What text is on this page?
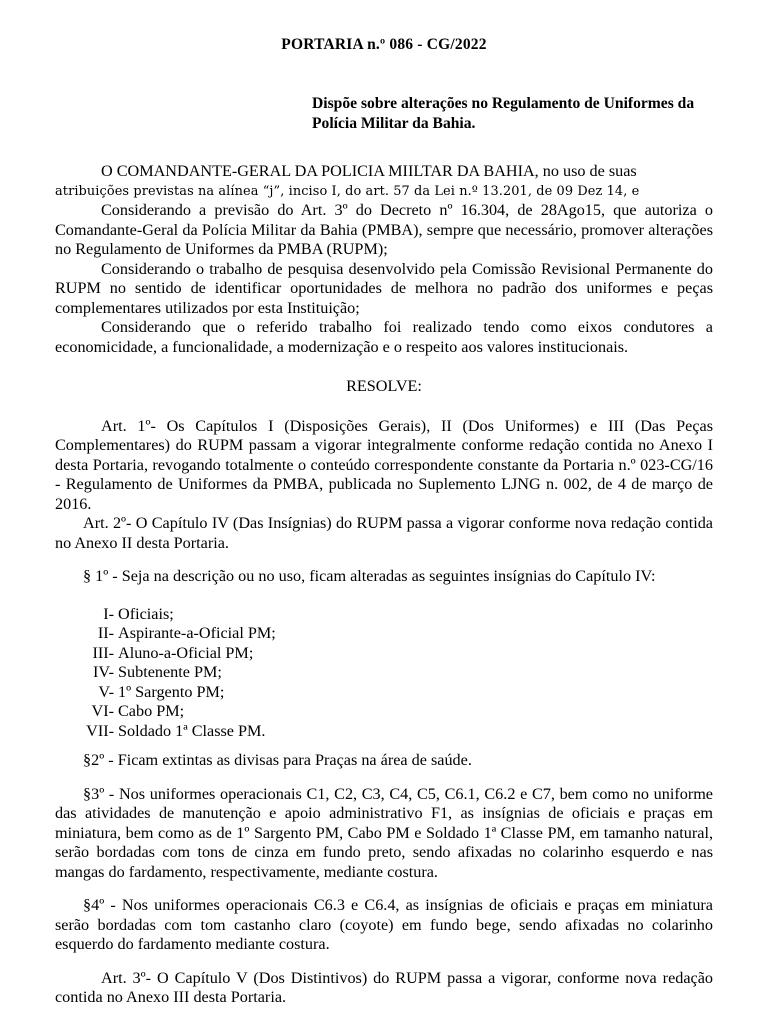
PORTARIA n.º 086 - CG/2022
Dispõe sobre alterações no Regulamento de Uniformes da Polícia Militar da Bahia.

O COMANDANTE-GERAL DA POLICIA MIILTAR DA BAHIA, no uso de suas

atribuições previstas na alínea “j”, inciso I, do art. 57 da Lei n.º 13.201, de 09 Dez 14, e

Considerando a previsão do Art. 3º do Decreto nº 16.304, de 28Ago15, que autoriza o Comandante-Geral da Polícia Militar da Bahia (PMBA), sempre que necessário, promover alterações no Regulamento de Uniformes da PMBA (RUPM);

Considerando o trabalho de pesquisa desenvolvido pela Comissão Revisional Permanente do RUPM no sentido de identificar oportunidades de melhora no padrão dos uniformes e peças complementares utilizados por esta Instituição;

Considerando que o referido trabalho foi realizado tendo como eixos condutores a economicidade, a funcionalidade, a modernização e o respeito aos valores institucionais.

RESOLVE:

Art. 1º- Os Capítulos I (Disposições Gerais), II (Dos Uniformes) e III (Das Peças Complementares) do RUPM passam a vigorar integralmente conforme redação contida no Anexo I desta Portaria, revogando totalmente o conteúdo correspondente constante da Portaria n.º 023-CG/16 - Regulamento de Uniformes da PMBA, publicada no Suplemento LJNG n. 002, de 4 de março de 2016.

Art. 2º- O Capítulo IV (Das Insígnias) do RUPM passa a vigorar conforme nova redação contida no Anexo II desta Portaria.

§ 1º - Seja na descrição ou no uso, ficam alteradas as seguintes insígnias do Capítulo IV:

I- Oficiais;
II- Aspirante-a-Oficial PM;
III- Aluno-a-Oficial PM;
IV- Subtenente PM;
V- 1º Sargento PM;
VI- Cabo PM;
VII- Soldado 1ª Classe PM.

§2º - Ficam extintas as divisas para Praças na área de saúde.

§3º - Nos uniformes operacionais C1, C2, C3, C4, C5, C6.1, C6.2 e C7, bem como no uniforme das atividades de manutenção e apoio administrativo F1, as insígnias de oficiais e praças em miniatura, bem como as de 1º Sargento PM, Cabo PM e Soldado 1ª Classe PM, em tamanho natural, serão bordadas com tons de cinza em fundo preto, sendo afixadas no colarinho esquerdo e nas mangas do fardamento, respectivamente, mediante costura.

§4º - Nos uniformes operacionais C6.3 e C6.4, as insígnias de oficiais e praças em miniatura serão bordadas com tom castanho claro (coyote) em fundo bege, sendo afixadas no colarinho esquerdo do fardamento mediante costura.

Art. 3º- O Capítulo V (Dos Distintivos) do RUPM passa a vigorar, conforme nova redação contida no Anexo III desta Portaria.
